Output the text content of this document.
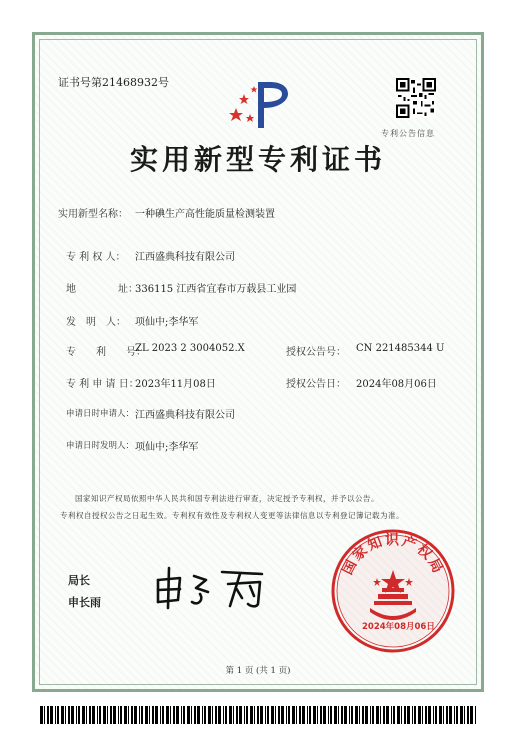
证书号第21468932号
专利公告信息
实用新型专利证书
实用新型名称： 一种碘生产高性能质量检测装置
专 利 权 人： 江西盛典科技有限公司
地	址：
336115 江西省宜春市万载县工业园
发　明　人： 项仙中;李华军
专　　利　　号：
ZL 2023 2 3004052.X	授权公告号： CN 221485344 U
专 利 申 请 日：
2023年11月08日	授权公告日： 2024年08月06日
申请日时申请人： 江西盛典科技有限公司
申请日时发明人： 项仙中;李华军
国家知识产权局依照中华人民共和国专利法进行审查，决定授予专利权，并予以公告。
专利权自授权公告之日起生效。专利权有效性及专利权人变更等法律信息以专利登记簿记载为准。
局长
申长雨
申长雨	国家知识产权局
2024年08月06日
第 1 页 (共 1 页)
